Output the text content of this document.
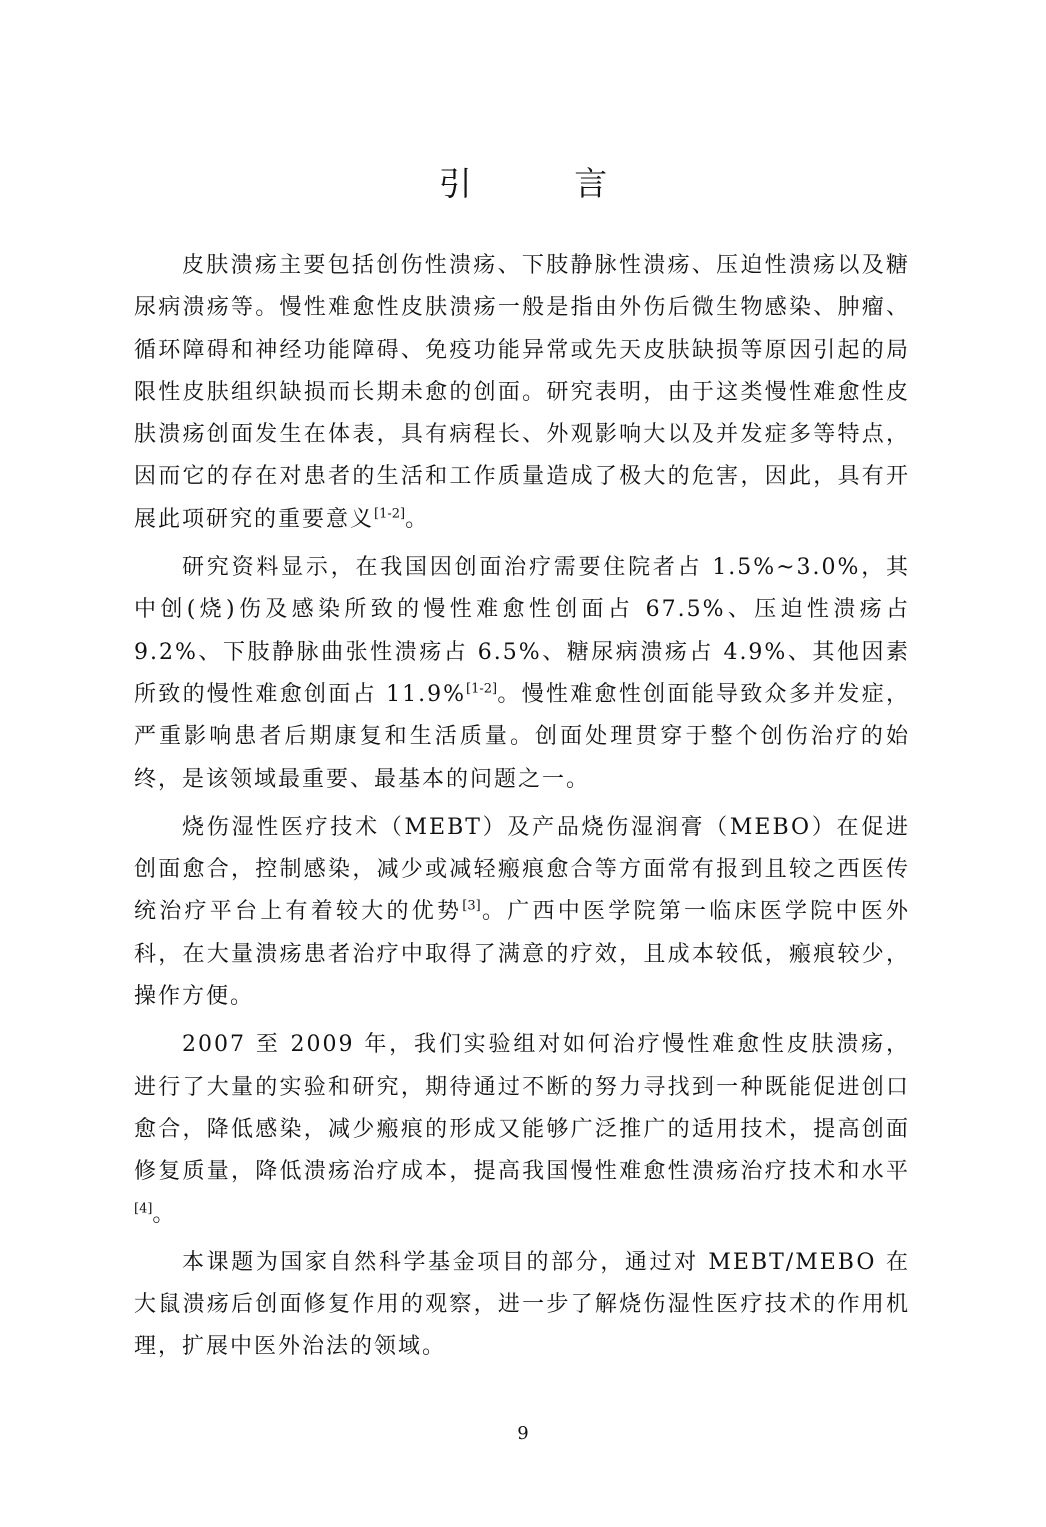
引 言

皮肤溃疡主要包括创伤性溃疡、下肢静脉性溃疡、压迫性溃疡以及糖尿病溃疡等。慢性难愈性皮肤溃疡一般是指由外伤后微生物感染、肿瘤、循环障碍和神经功能障碍、免疫功能异常或先天皮肤缺损等原因引起的局限性皮肤组织缺损而长期未愈的创面。研究表明，由于这类慢性难愈性皮肤溃疡创面发生在体表，具有病程长、外观影响大以及并发症多等特点，因而它的存在对患者的生活和工作质量造成了极大的危害，因此，具有开展此项研究的重要意义[1-2]。

研究资料显示，在我国因创面治疗需要住院者占 1.5%~3.0%，其中创(烧)伤及感染所致的慢性难愈性创面占 67.5%、压迫性溃疡占 9.2%、下肢静脉曲张性溃疡占 6.5%、糖尿病溃疡占 4.9%、其他因素所致的慢性难愈创面占 11.9%[1-2]。慢性难愈性创面能导致众多并发症，严重影响患者后期康复和生活质量。创面处理贯穿于整个创伤治疗的始终，是该领域最重要、最基本的问题之一。

烧伤湿性医疗技术（MEBT）及产品烧伤湿润膏（MEBO）在促进创面愈合，控制感染，减少或减轻瘢痕愈合等方面常有报到且较之西医传统治疗平台上有着较大的优势[3]。广西中医学院第一临床医学院中医外科，在大量溃疡患者治疗中取得了满意的疗效，且成本较低，瘢痕较少，操作方便。

2007 至 2009 年，我们实验组对如何治疗慢性难愈性皮肤溃疡，进行了大量的实验和研究，期待通过不断的努力寻找到一种既能促进创口愈合，降低感染，减少瘢痕的形成又能够广泛推广的适用技术，提高创面修复质量，降低溃疡治疗成本，提高我国慢性难愈性溃疡治疗技术和水平 [4]。

本课题为国家自然科学基金项目的部分，通过对 MEBT/MEBO 在大鼠溃疡后创面修复作用的观察，进一步了解烧伤湿性医疗技术的作用机理，扩展中医外治法的领域。

9
